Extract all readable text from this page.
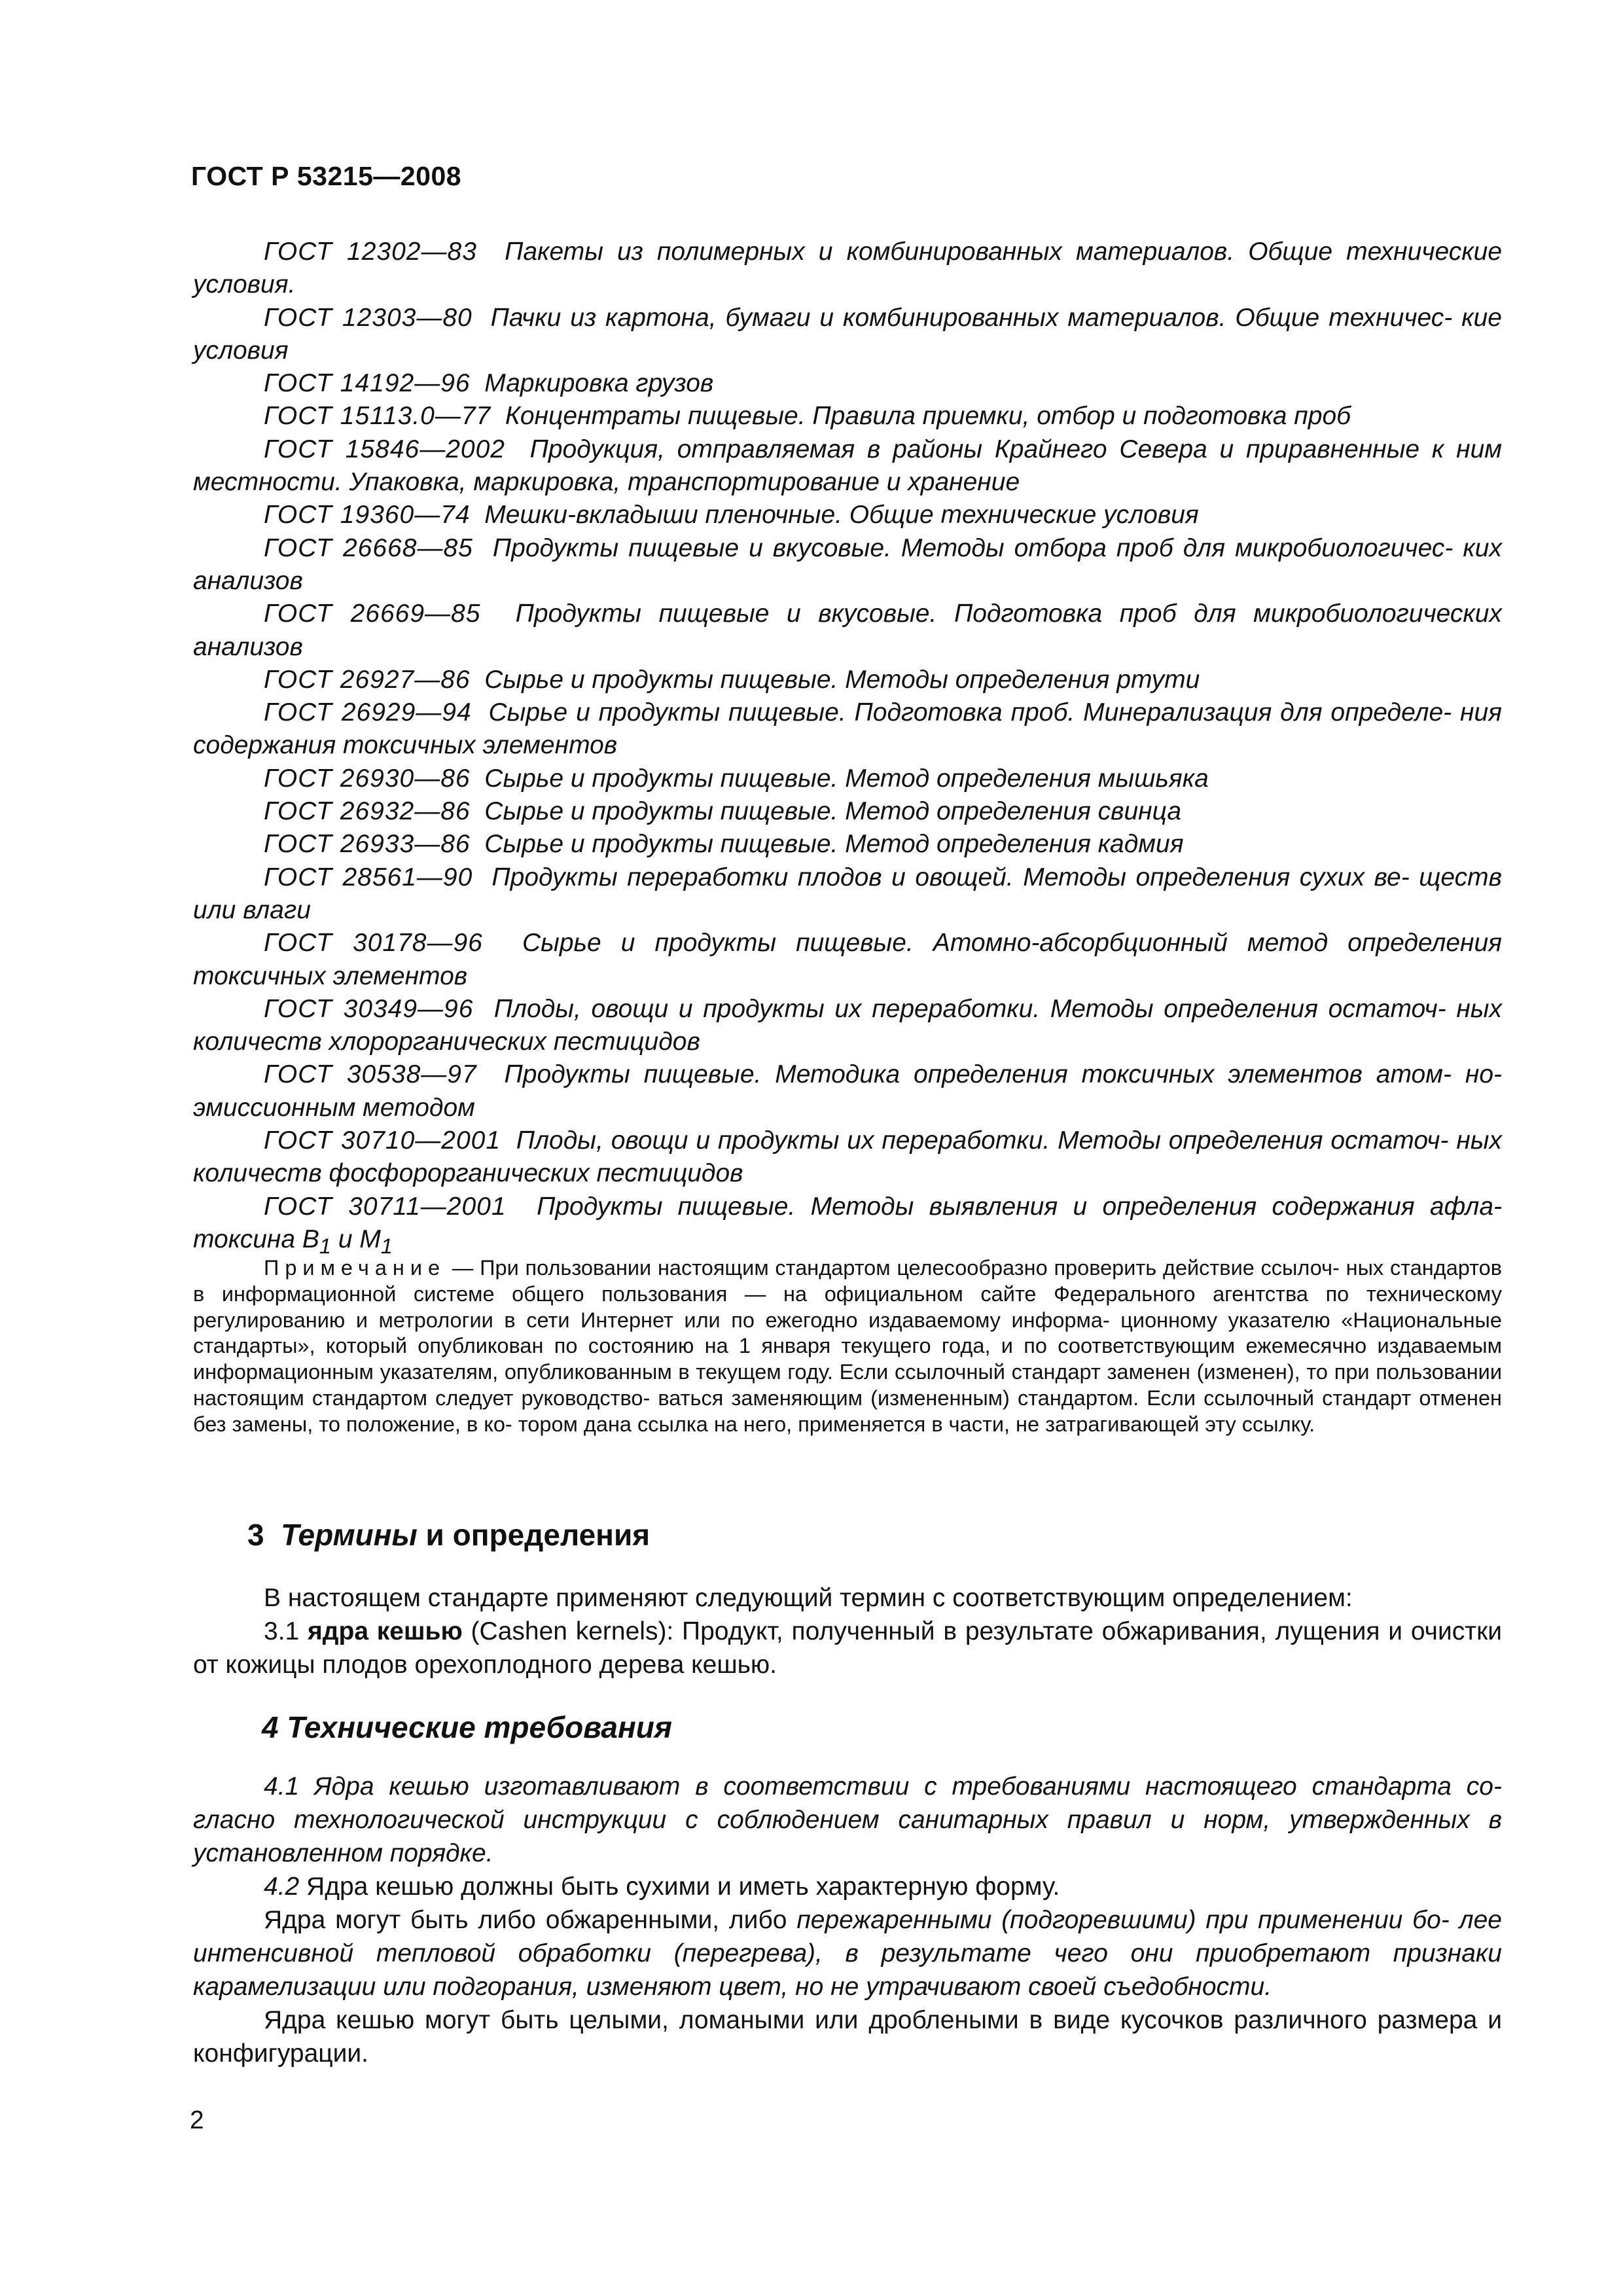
ГОСТ Р 53215—2008

ГОСТ 12302—83 Пакеты из полимерных и комбинированных материалов. Общие технические условия.

ГОСТ 12303—80 Пачки из картона, бумаги и комбинированных материалов. Общие техничес- кие условия

ГОСТ 14192—96 Маркировка грузов

ГОСТ 15113.0—77 Концентраты пищевые. Правила приемки, отбор и подготовка проб

ГОСТ 15846—2002 Продукция, отправляемая в районы Крайнего Севера и приравненные к ним местности. Упаковка, маркировка, транспортирование и хранение

ГОСТ 19360—74 Мешки-вкладыши пленочные. Общие технические условия

ГОСТ 26668—85 Продукты пищевые и вкусовые. Методы отбора проб для микробиологичес- ких анализов

ГОСТ 26669—85 Продукты пищевые и вкусовые. Подготовка проб для микробиологических анализов

ГОСТ 26927—86 Сырье и продукты пищевые. Методы определения ртути

ГОСТ 26929—94 Сырье и продукты пищевые. Подготовка проб. Минерализация для определе- ния содержания токсичных элементов

ГОСТ 26930—86 Сырье и продукты пищевые. Метод определения мышьяка

ГОСТ 26932—86 Сырье и продукты пищевые. Метод определения свинца

ГОСТ 26933—86 Сырье и продукты пищевые. Метод определения кадмия

ГОСТ 28561—90 Продукты переработки плодов и овощей. Методы определения сухих ве- ществ или влаги

ГОСТ 30178—96 Сырье и продукты пищевые. Атомно-абсорбционный метод определения токсичных элементов

ГОСТ 30349—96 Плоды, овощи и продукты их переработки. Методы определения остаточ- ных количеств хлорорганических пестицидов

ГОСТ 30538—97 Продукты пищевые. Методика определения токсичных элементов атом- но-эмиссионным методом

ГОСТ 30710—2001 Плоды, овощи и продукты их переработки. Методы определения остаточ- ных количеств фосфорорганических пестицидов

ГОСТ 30711—2001 Продукты пищевые. Методы выявления и определения содержания афла- токсина $B_1$ и $M_1$

Примечание — При пользовании настоящим стандартом целесообразно проверить действие ссылоч- ных стандартов в информационной системе общего пользования — на официальном сайте Федерального агентства по техническому регулированию и метрологии в сети Интернет или по ежегодно издаваемому информа- ционному указателю «Национальные стандарты», который опубликован по состоянию на 1 января текущего года, и по соответствующим ежемесячно издаваемым информационным указателям, опубликованным в текущем году. Если ссылочный стандарт заменен (изменен), то при пользовании настоящим стандартом следует руководство- ваться заменяющим (измененным) стандартом. Если ссылочный стандарт отменен без замены, то положение, в ко- тором дана ссылка на него, применяется в части, не затрагивающей эту ссылку.

3 Термины и определения

В настоящем стандарте применяют следующий термин с соответствующим определением:

3.1 ядра кешью (Cashen kernels): Продукт, полученный в результате обжаривания, лущения и очистки от кожицы плодов орехоплодного дерева кешью.

4 Технические требования

4.1 Ядра кешью изготавливают в соответствии с требованиями настоящего стандарта со- гласно технологической инструкции с соблюдением санитарных правил и норм, утвержденных в установленном порядке.

4.2 Ядра кешью должны быть сухими и иметь характерную форму.

Ядра могут быть либо обжаренными, либо пережаренными (подгоревшими) при применении бо- лее интенсивной тепловой обработки (перегрева), в результате чего они приобретают признаки карамелизации или подгорания, изменяют цвет, но не утрачивают своей съедобности.

Ядра кешью могут быть целыми, ломаными или дроблеными в виде кусочков различного размера и конфигурации.

2
